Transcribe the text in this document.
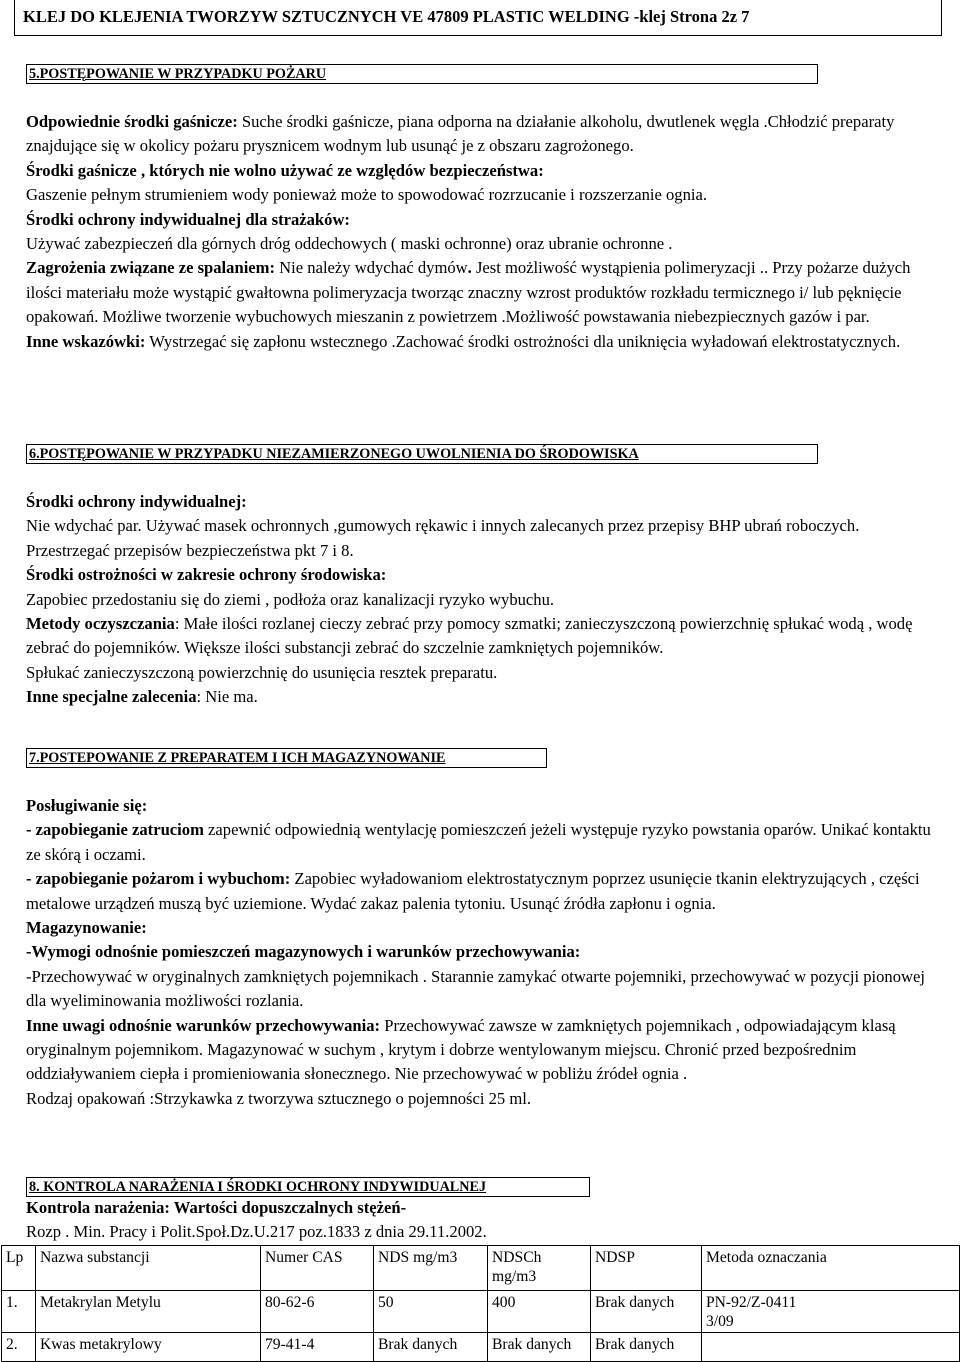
KLEJ DO KLEJENIA TWORZYW SZTUCZNYCH VE 47809 PLASTIC WELDING -klej Strona 2z 7
5.POSTĘPOWANIE W PRZYPADKU POŻARU

Odpowiednie środki gaśnicze: Suche środki gaśnicze, piana odporna na działanie alkoholu, dwutlenek węgla .Chłodzić preparaty znajdujące się w okolicy pożaru prysznicem wodnym lub usunąć je z obszaru zagrożonego.

Środki gaśnicze , których nie wolno używać ze względów bezpieczeństwa:

Gaszenie pełnym strumieniem wody ponieważ może to spowodować rozrzucanie i rozszerzanie ognia.

Środki ochrony indywidualnej dla strażaków:

Używać zabezpieczeń dla górnych dróg oddechowych ( maski ochronne) oraz ubranie ochronne .

Zagrożenia związane ze spalaniem: Nie należy wdychać dymów. Jest możliwość wystąpienia polimeryzacji .. Przy pożarze dużych ilości materiału może wystąpić gwałtowna polimeryzacja tworząc znaczny wzrost produktów rozkładu termicznego i/ lub pęknięcie opakowań. Możliwe tworzenie wybuchowych mieszanin z powietrzem .Możliwość powstawania niebezpiecznych gazów i par.

Inne wskazówki: Wystrzegać się zapłonu wstecznego .Zachować środki ostrożności dla uniknięcia wyładowań elektrostatycznych.

6.POSTĘPOWANIE W PRZYPADKU NIEZAMIERZONEGO UWOLNIENIA DO ŚRODOWISKA

Środki ochrony indywidualnej:

Nie wdychać par. Używać masek ochronnych ,gumowych rękawic i innych zalecanych przez przepisy BHP ubrań roboczych. Przestrzegać przepisów bezpieczeństwa pkt 7 i 8.

Środki ostrożności w zakresie ochrony środowiska:

Zapobiec przedostaniu się do ziemi , podłoża oraz kanalizacji ryzyko wybuchu.

Metody oczyszczania: Małe ilości rozlanej cieczy zebrać przy pomocy szmatki; zanieczyszczoną powierzchnię spłukać wodą , wodę zebrać do pojemników. Większe ilości substancji zebrać do szczelnie zamkniętych pojemników.

Spłukać zanieczyszczoną powierzchnię do usunięcia resztek preparatu.

Inne specjalne zalecenia: Nie ma.

7.POSTEPOWANIE Z PREPARATEM I ICH MAGAZYNOWANIE

Posługiwanie się:

- zapobieganie zatruciom zapewnić odpowiednią wentylację pomieszczeń jeżeli występuje ryzyko powstania oparów. Unikać kontaktu ze skórą i oczami.

- zapobieganie pożarom i wybuchom: Zapobiec wyładowaniom elektrostatycznym poprzez usunięcie tkanin elektryzujących , części metalowe urządzeń muszą być uziemione. Wydać zakaz palenia tytoniu. Usunąć źródła zapłonu i ognia.

Magazynowanie:

-Wymogi odnośnie pomieszczeń magazynowych i warunków przechowywania:

-Przechowywać w oryginalnych zamkniętych pojemnikach . Starannie zamykać otwarte pojemniki, przechowywać w pozycji pionowej dla wyeliminowania możliwości rozlania.

Inne uwagi odnośnie warunków przechowywania: Przechowywać zawsze w zamkniętych pojemnikach , odpowiadającym klasą oryginalnym pojemnikom. Magazynować w suchym , krytym i dobrze wentylowanym miejscu. Chronić przed bezpośrednim oddziaływaniem ciepła i promieniowania słonecznego. Nie przechowywać w pobliżu źródeł ognia .

Rodzaj opakowań :Strzykawka z tworzywa sztucznego o pojemności 25 ml.

8. KONTROLA NARAŻENIA I ŚRODKI OCHRONY INDYWIDUALNEJ

Kontrola narażenia: Wartości dopuszczalnych stężeń-

Rozp . Min. Pracy i Polit.Społ.Dz.U.217 poz.1833 z dnia 29.11.2002.

Lp	Nazwa substancji	Numer CAS	NDS mg/m3	NDSCh mg/m3	NDSP	Metoda oznaczania
1.	Metakrylan Metylu	80-62-6	50	400	Brak danych	PN-92/Z-04113/09
2.	Kwas metakrylowy	79-41-4	Brak danych	Brak danych	Brak danych	
